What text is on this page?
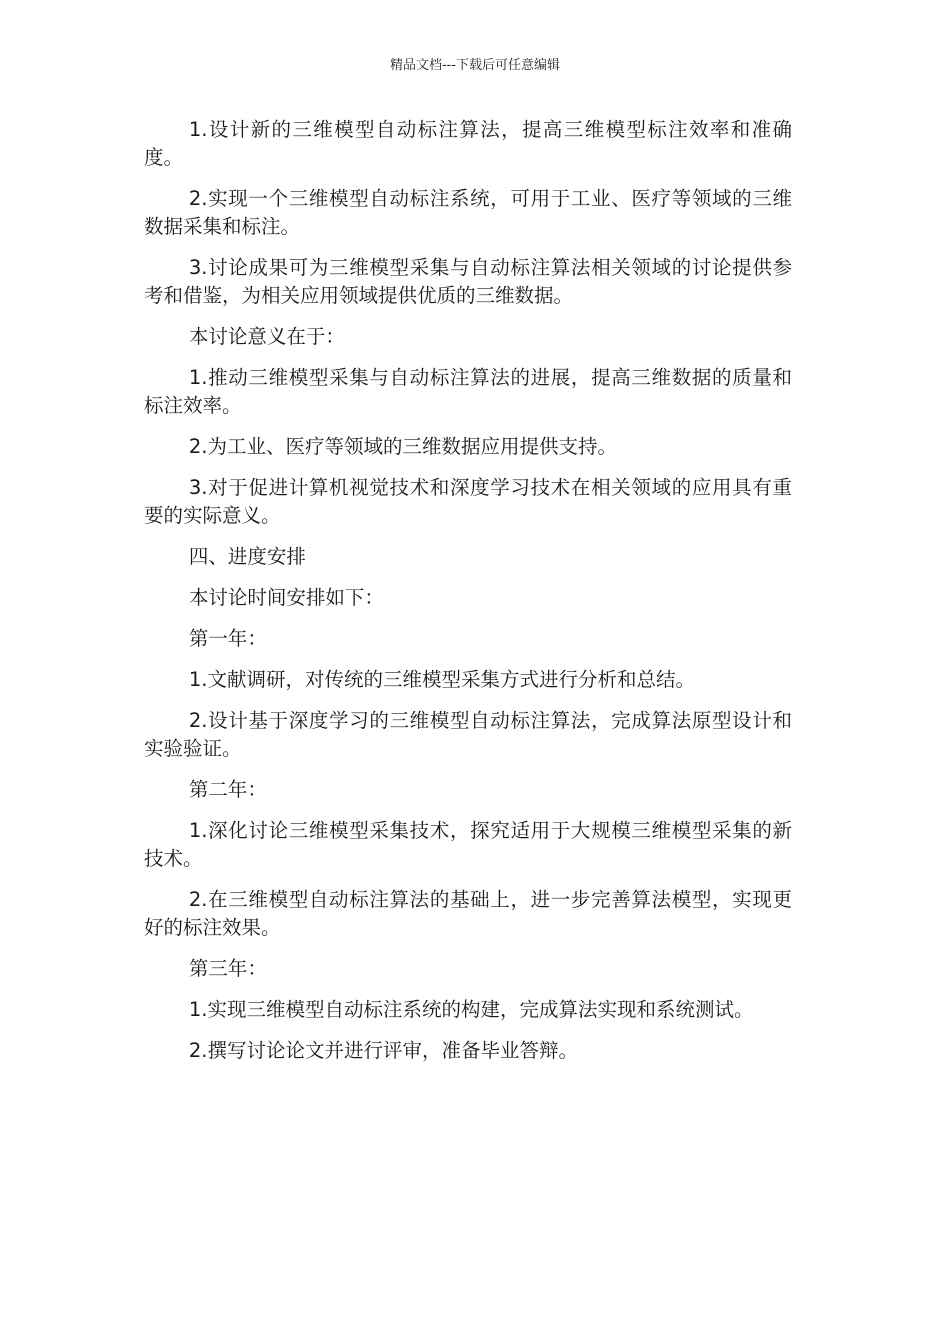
精品文档---下载后可任意编辑

1.设计新的三维模型自动标注算法，提高三维模型标注效率和准确度。

2.实现一个三维模型自动标注系统，可用于工业、医疗等领域的三维数据采集和标注。

3.讨论成果可为三维模型采集与自动标注算法相关领域的讨论提供参考和借鉴，为相关应用领域提供优质的三维数据。

本讨论意义在于：

1.推动三维模型采集与自动标注算法的进展，提高三维数据的质量和标注效率。

2.为工业、医疗等领域的三维数据应用提供支持。

3.对于促进计算机视觉技术和深度学习技术在相关领域的应用具有重要的实际意义。

四、进度安排

本讨论时间安排如下：

第一年：

1.文献调研，对传统的三维模型采集方式进行分析和总结。

2.设计基于深度学习的三维模型自动标注算法，完成算法原型设计和实验验证。

第二年：

1.深化讨论三维模型采集技术，探究适用于大规模三维模型采集的新技术。

2.在三维模型自动标注算法的基础上，进一步完善算法模型，实现更好的标注效果。

第三年：

1.实现三维模型自动标注系统的构建，完成算法实现和系统测试。

2.撰写讨论论文并进行评审，准备毕业答辩。
